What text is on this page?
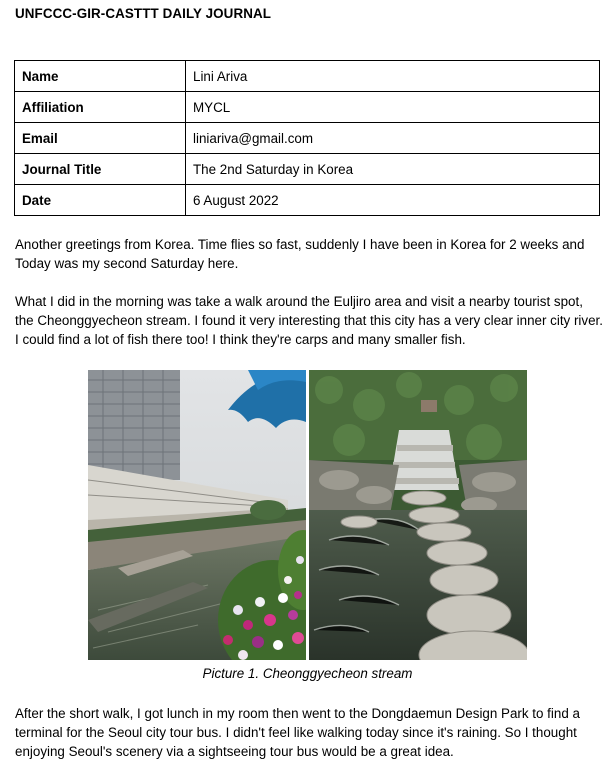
UNFCCC-GIR-CASTTT DAILY JOURNAL
Name	Lini Ariva
Affiliation	MYCL
Email	liniariva@gmail.com
Journal Title	The 2nd Saturday in Korea
Date	6 August 2022

Another greetings from Korea. Time flies so fast, suddenly I have been in Korea for 2 weeks and Today was my second Saturday here.

What I did in the morning was take a walk around the Euljiro area and visit a nearby tourist spot, the Cheonggyecheon stream. I found it very interesting that this city has a very clear inner city river. I could find a lot of fish there too! I think they're carps and many smaller fish.

Picture 1. Cheonggyecheon stream

After the short walk, I got lunch in my room then went to the Dongdaemun Design Park to find a terminal for the Seoul city tour bus. I didn't feel like walking today since it's raining. So I thought enjoying Seoul's scenery via a sightseeing tour bus would be a great idea.
